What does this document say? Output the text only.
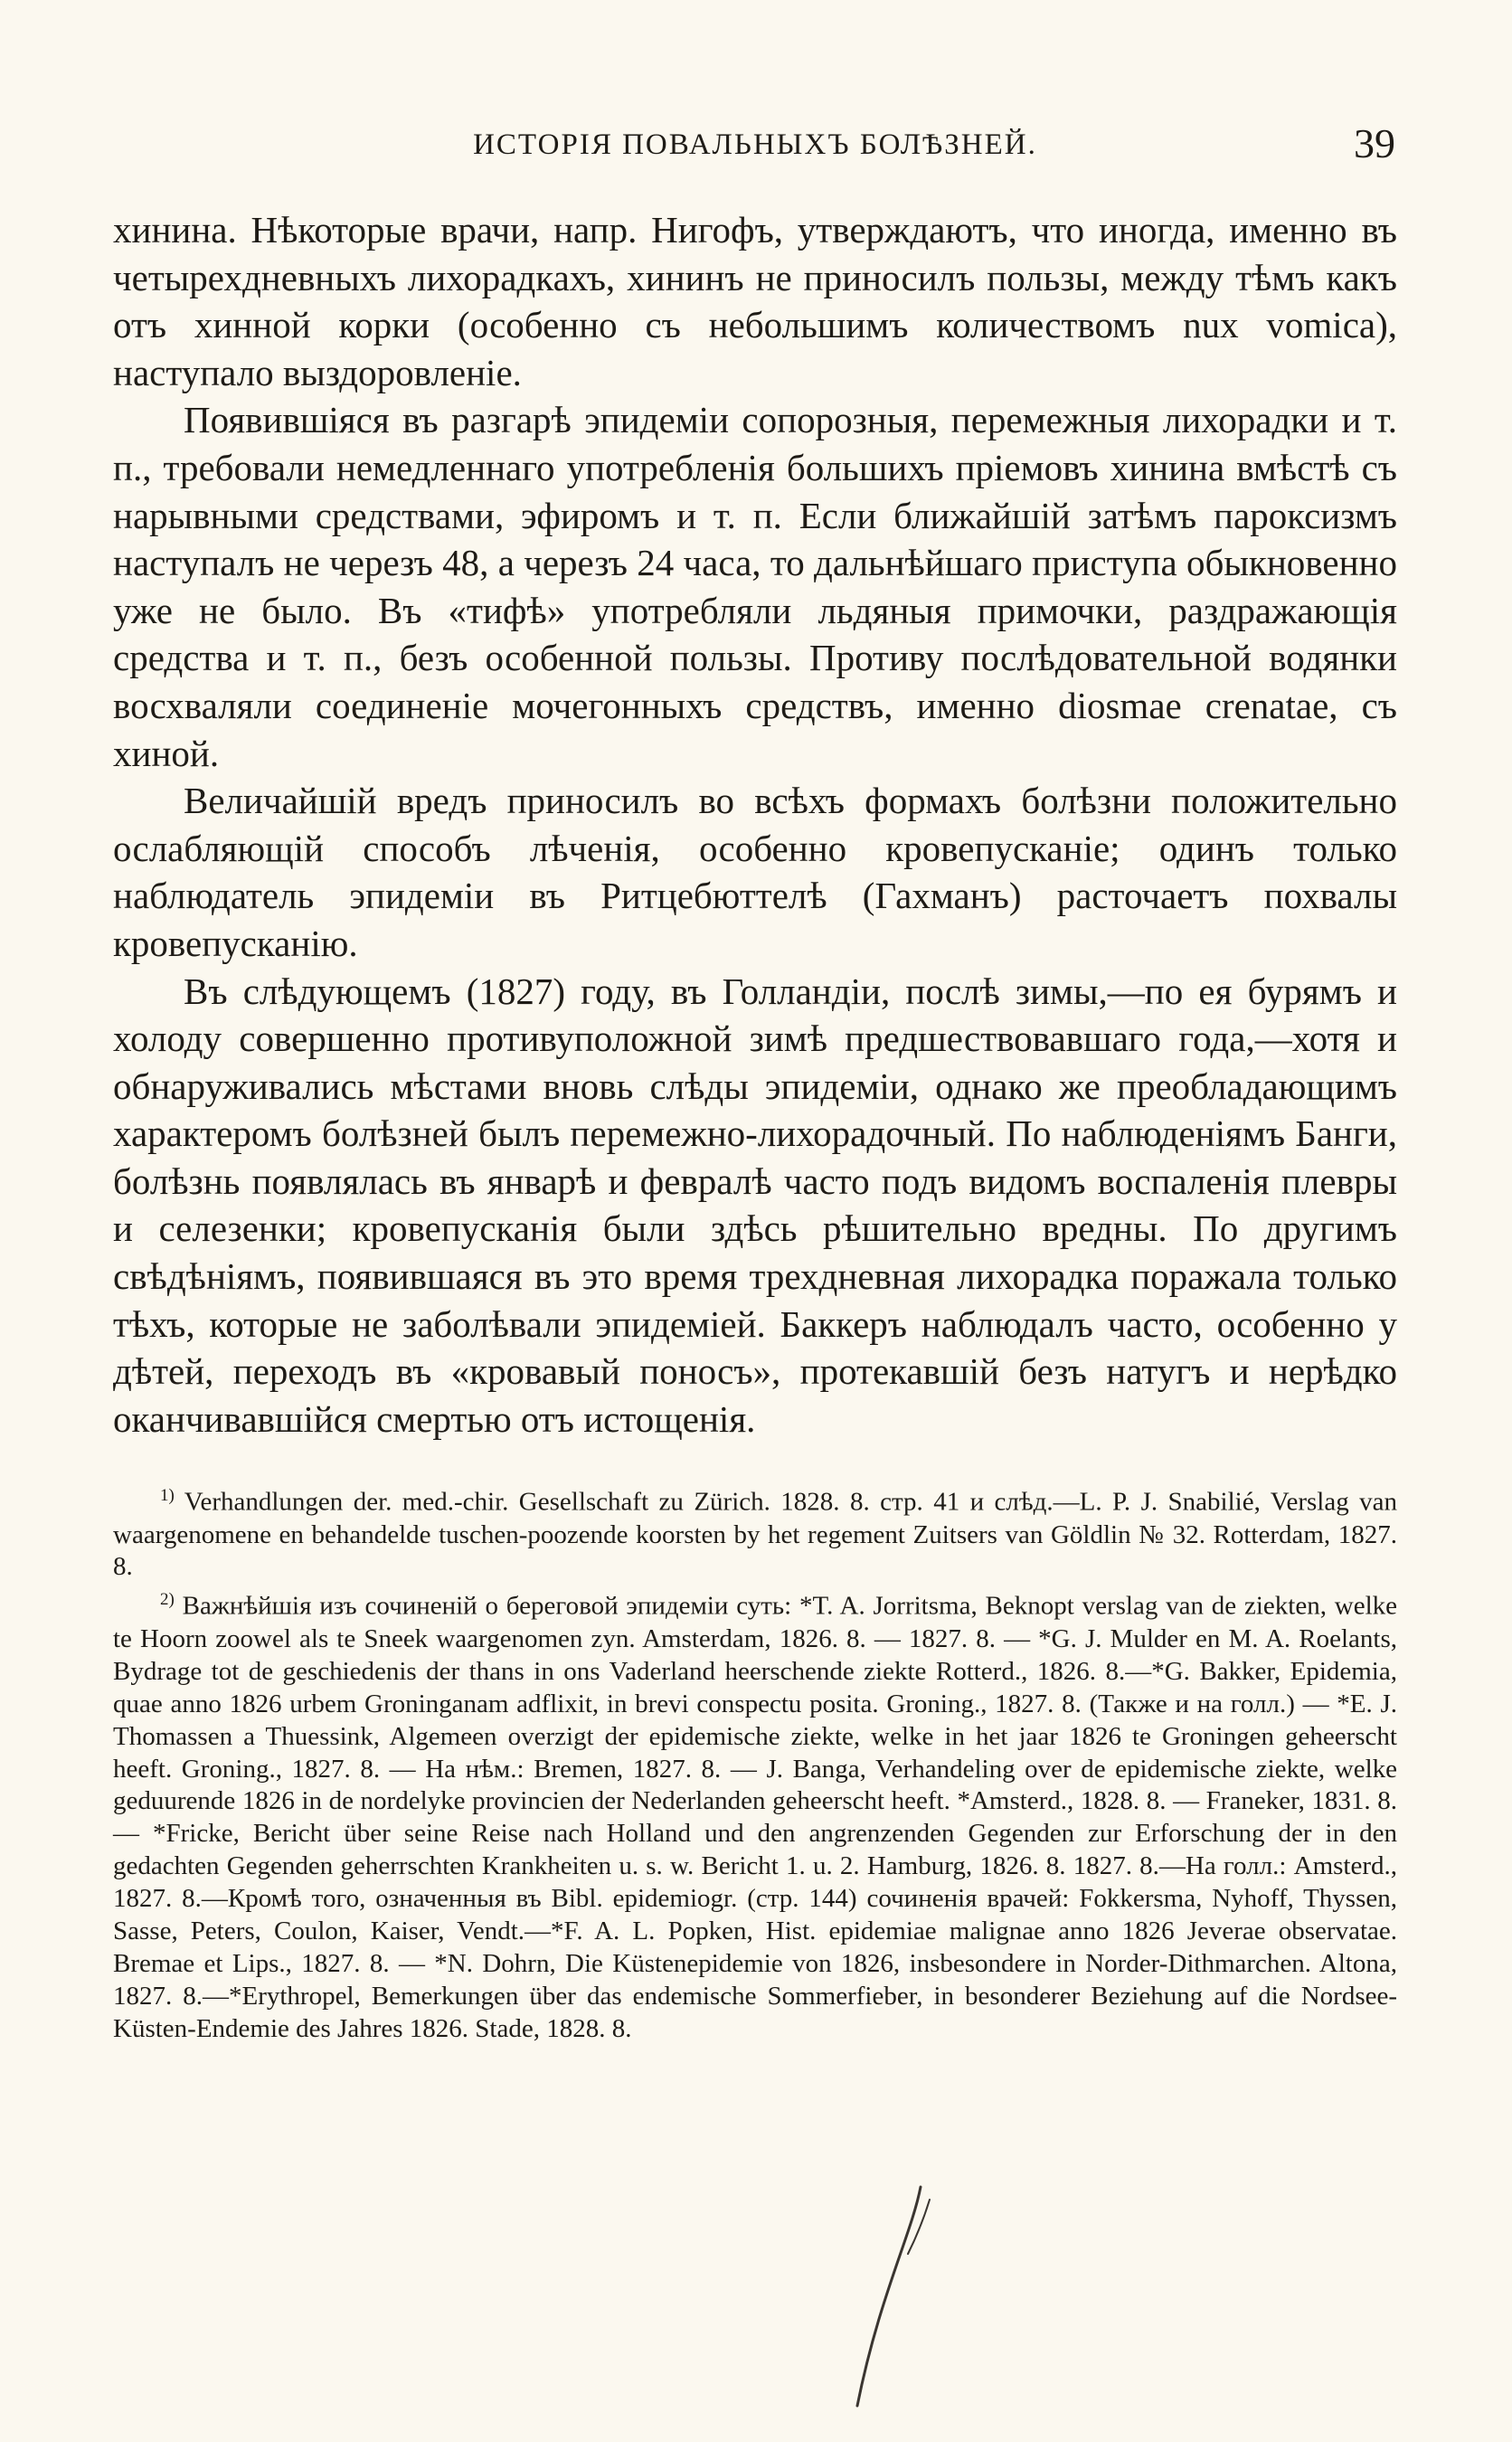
ИСТОРІЯ ПОВАЛЬНЫХЪ БОЛѢЗНЕЙ.	39

хинина. Нѣкоторые врачи, напр. Нигофъ, утверждаютъ, что иногда, именно въ четырехдневныхъ лихорадкахъ, хининъ не приносилъ пользы, между тѣмъ какъ отъ хинной корки (особенно съ небольшимъ количествомъ nux vomica), наступало выздоровленіе.

Появившіяся въ разгарѣ эпидеміи сопорозныя, перемежныя лихорадки и т. п., требовали немедленнаго употребленія большихъ пріемовъ хинина вмѣстѣ съ нарывными средствами, эфиромъ и т. п. Если ближайшій затѣмъ пароксизмъ наступалъ не черезъ 48, а черезъ 24 часа, то дальнѣйшаго приступа обыкновенно уже не было. Въ «тифѣ» употребляли льдяныя примочки, раздражающія средства и т. п., безъ особенной пользы. Противу послѣдовательной водянки восхваляли соединеніе мочегонныхъ средствъ, именно diosmae crenatae, съ хиной.

Величайшій вредъ приносилъ во всѣхъ формахъ болѣзни положительно ослабляющій способъ лѣченія, особенно кровепусканіе; одинъ только наблюдатель эпидеміи въ Ритцебюттелѣ (Гахманъ) расточаетъ похвалы кровепусканію.

Въ слѣдующемъ (1827) году, въ Голландіи, послѣ зимы,—по ея бурямъ и холоду совершенно противуположной зимѣ предшествовавшаго года,—хотя и обнаруживались мѣстами вновь слѣды эпидеміи, однако же преобладающимъ характеромъ болѣзней былъ перемежно-лихорадочный. По наблюденіямъ Банги, болѣзнь появлялась въ январѣ и февралѣ часто подъ видомъ воспаленія плевры и селезенки; кровепусканія были здѣсь рѣшительно вредны. По другимъ свѣдѣніямъ, появившаяся въ это время трехдневная лихорадка поражала только тѣхъ, которые не заболѣвали эпидеміей. Баккеръ наблюдалъ часто, особенно у дѣтей, переходъ въ «кровавый поносъ», протекавшій безъ натугъ и нерѣдко оканчивавшійся смертью отъ истощенія.

$^{1)}$ Verhandlungen der. med.-chir. Gesellschaft zu Zürich. 1828. 8. стр. 41 и слѣд.—L. P. J. Snabilié, Verslag van waargenomene en behandelde tuschen-poozende koorsten by het regement Zuitsers van Göldlin № 32. Rotterdam, 1827. 8.

$^{2)}$ Важнѣйшія изъ сочиненій о береговой эпидеміи суть: *T. A. Jorritsma, Beknopt verslag van de ziekten, welke te Hoorn zoowel als te Sneek waargenomen zyn. Amsterdam, 1826. 8. — 1827. 8. — *G. J. Mulder en M. A. Roelants, Bydrage tot de geschiedenis der thans in ons Vaderland heerschende ziekte Rotterd., 1826. 8.—*G. Bakker, Epidemia, quae anno 1826 urbem Groninganam adflixit, in brevi conspectu posita. Groning., 1827. 8. (Также и на голл.) — *E. J. Thomassen a Thuessink, Algemeen overzigt der epidemische ziekte, welke in het jaar 1826 te Groningen geheerscht heeft. Groning., 1827. 8. — На нѣм.: Bremen, 1827. 8. — J. Banga, Verhandeling over de epidemische ziekte, welke geduurende 1826 in de nordelyke provincien der Nederlanden geheerscht heeft. *Amsterd., 1828. 8. — Franeker, 1831. 8. — *Fricke, Bericht über seine Reise nach Holland und den angrenzenden Gegenden zur Erforschung der in den gedachten Gegenden geherrschten Krankheiten u. s. w. Bericht 1. u. 2. Hamburg, 1826. 8. 1827. 8.—На голл.: Amsterd., 1827. 8.—Кромѣ того, означенныя въ Bibl. epidemiogr. (стр. 144) сочиненія врачей: Fokkersma, Nyhoff, Thyssen, Sasse, Peters, Coulon, Kaiser, Vendt.—*F. A. L. Popken, Hist. epidemiae malignae anno 1826 Jeverae observatae. Bremae et Lips., 1827. 8. — *N. Dohrn, Die Küstenepidemie von 1826, insbesondere in Norder-Dithmarchen. Altona, 1827. 8.—*Erythropel, Bemerkungen über das endemische Sommerfieber, in besonderer Beziehung auf die Nordsee-Küsten-Endemie des Jahres 1826. Stade, 1828. 8.
